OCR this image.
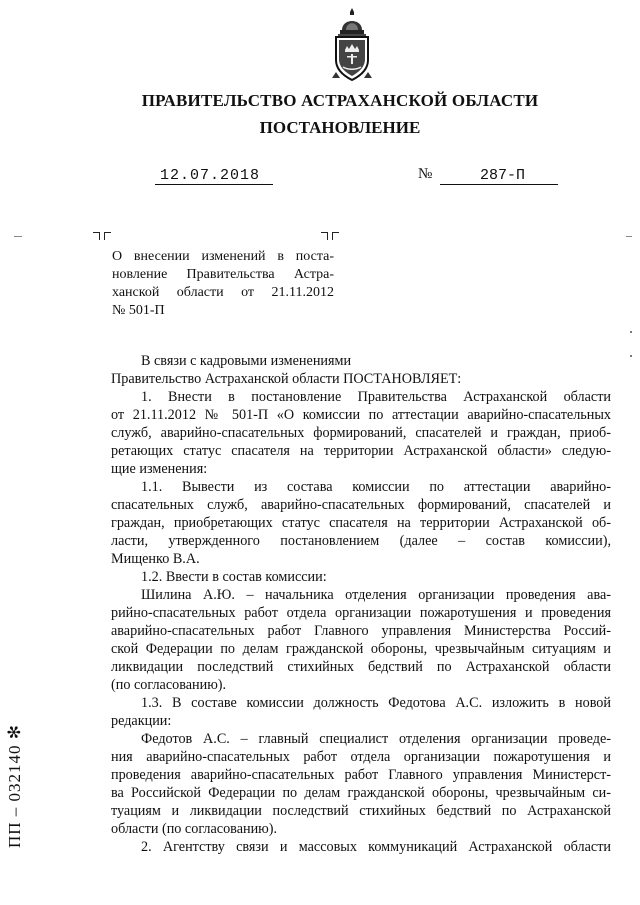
ПРАВИТЕЛЬСТВО АСТРАХАНСКОЙ ОБЛАСТИ
ПОСТАНОВЛЕНИЕ
12.07.2018	№	287-П
О внесении изменений в поста-
новление Правительства Астра-
ханской области от 21.11.2012
№ 501-П
В связи с кадровыми изменениями
Правительство Астраханской области ПОСТАНОВЛЯЕТ:
1. Внести в постановление Правительства Астраханской области
от 21.11.2012 № 501-П «О комиссии по аттестации аварийно-спасательных
служб, аварийно-спасательных формирований, спасателей и граждан, приоб-
ретающих статус спасателя на территории Астраханской области» следую-
щие изменения:
1.1. Вывести из состава комиссии по аттестации аварийно-
спасательных служб, аварийно-спасательных формирований, спасателей и
граждан, приобретающих статус спасателя на территории Астраханской об-
ласти, утвержденного постановлением (далее – состав комиссии),
Мищенко В.А.
1.2. Ввести в состав комиссии:
Шилина А.Ю. – начальника отделения организации проведения ава-
рийно-спасательных работ отдела организации пожаротушения и проведения
аварийно-спасательных работ Главного управления Министерства Россий-
ской Федерации по делам гражданской обороны, чрезвычайным ситуациям и
ликвидации последствий стихийных бедствий по Астраханской области
(по согласованию).
1.3. В составе комиссии должность Федотова А.С. изложить в новой
редакции:
Федотов А.С. – главный специалист отделения организации проведе-
ния аварийно-спасательных работ отдела организации пожаротушения и
проведения аварийно-спасательных работ Главного управления Министерст-
ва Российской Федерации по делам гражданской обороны, чрезвычайным си-
туациям и ликвидации последствий стихийных бедствий по Астраханской
области (по согласованию).
2. Агентству связи и массовых коммуникаций Астраханской области
ПП – 032140 ✻
